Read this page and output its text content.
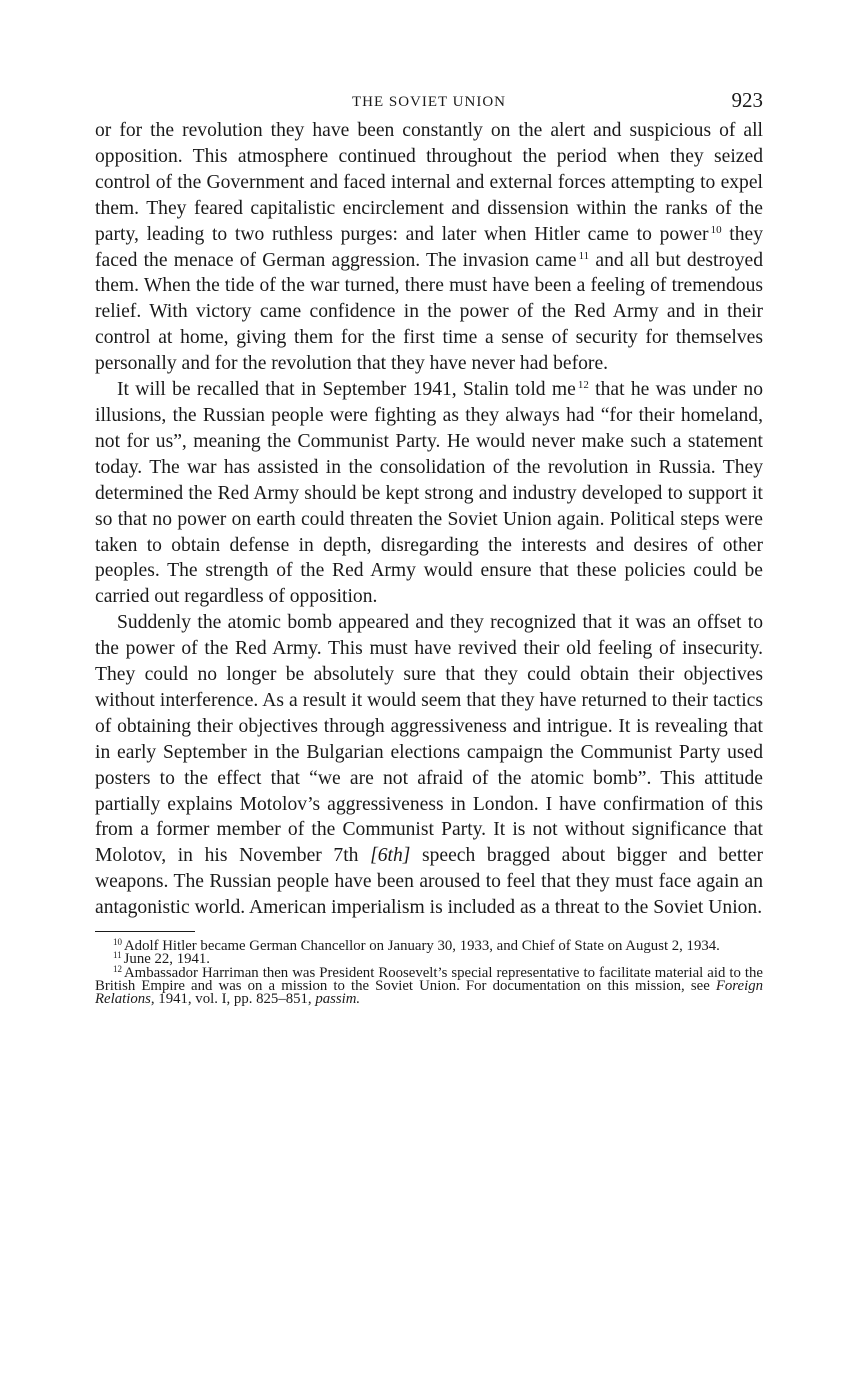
THE SOVIET UNION	923

or for the revolution they have been constantly on the alert and suspicious of all opposition. This atmosphere continued throughout the period when they seized control of the Government and faced internal and external forces attempting to expel them. They feared capitalistic encirclement and dissension within the ranks of the party, leading to two ruthless purges: and later when Hitler came to power $^{10}$ they faced the menace of German aggression. The invasion came $^{11}$ and all but destroyed them. When the tide of the war turned, there must have been a feeling of tremendous relief. With victory came confidence in the power of the Red Army and in their control at home, giving them for the first time a sense of security for themselves personally and for the revolution that they have never had before.

It will be recalled that in September 1941, Stalin told me $^{12}$ that he was under no illusions, the Russian people were fighting as they always had “for their homeland, not for us”, meaning the Communist Party. He would never make such a statement today. The war has assisted in the consolidation of the revolution in Russia. They determined the Red Army should be kept strong and industry developed to support it so that no power on earth could threaten the Soviet Union again. Political steps were taken to obtain defense in depth, disregarding the interests and desires of other peoples. The strength of the Red Army would ensure that these policies could be carried out regardless of opposition.

Suddenly the atomic bomb appeared and they recognized that it was an offset to the power of the Red Army. This must have revived their old feeling of insecurity. They could no longer be absolutely sure that they could obtain their objectives without interference. As a result it would seem that they have returned to their tactics of obtaining their objectives through aggressiveness and intrigue. It is revealing that in early September in the Bulgarian elections campaign the Communist Party used posters to the effect that “we are not afraid of the atomic bomb”. This attitude partially explains Motolov’s aggressiveness in London. I have confirmation of this from a former member of the Communist Party. It is not without significance that Molotov, in his November 7th [6th] speech bragged about bigger and better weapons. The Russian people have been aroused to feel that they must face again an antagonistic world. American imperialism is included as a threat to the Soviet Union.

$^{10}$ Adolf Hitler became German Chancellor on January 30, 1933, and Chief of State on August 2, 1934.

$^{11}$ June 22, 1941.

$^{12}$ Ambassador Harriman then was President Roosevelt’s special representative to facilitate material aid to the British Empire and was on a mission to the Soviet Union. For documentation on this mission, see Foreign Relations, 1941, vol. I, pp. 825–851, passim.
